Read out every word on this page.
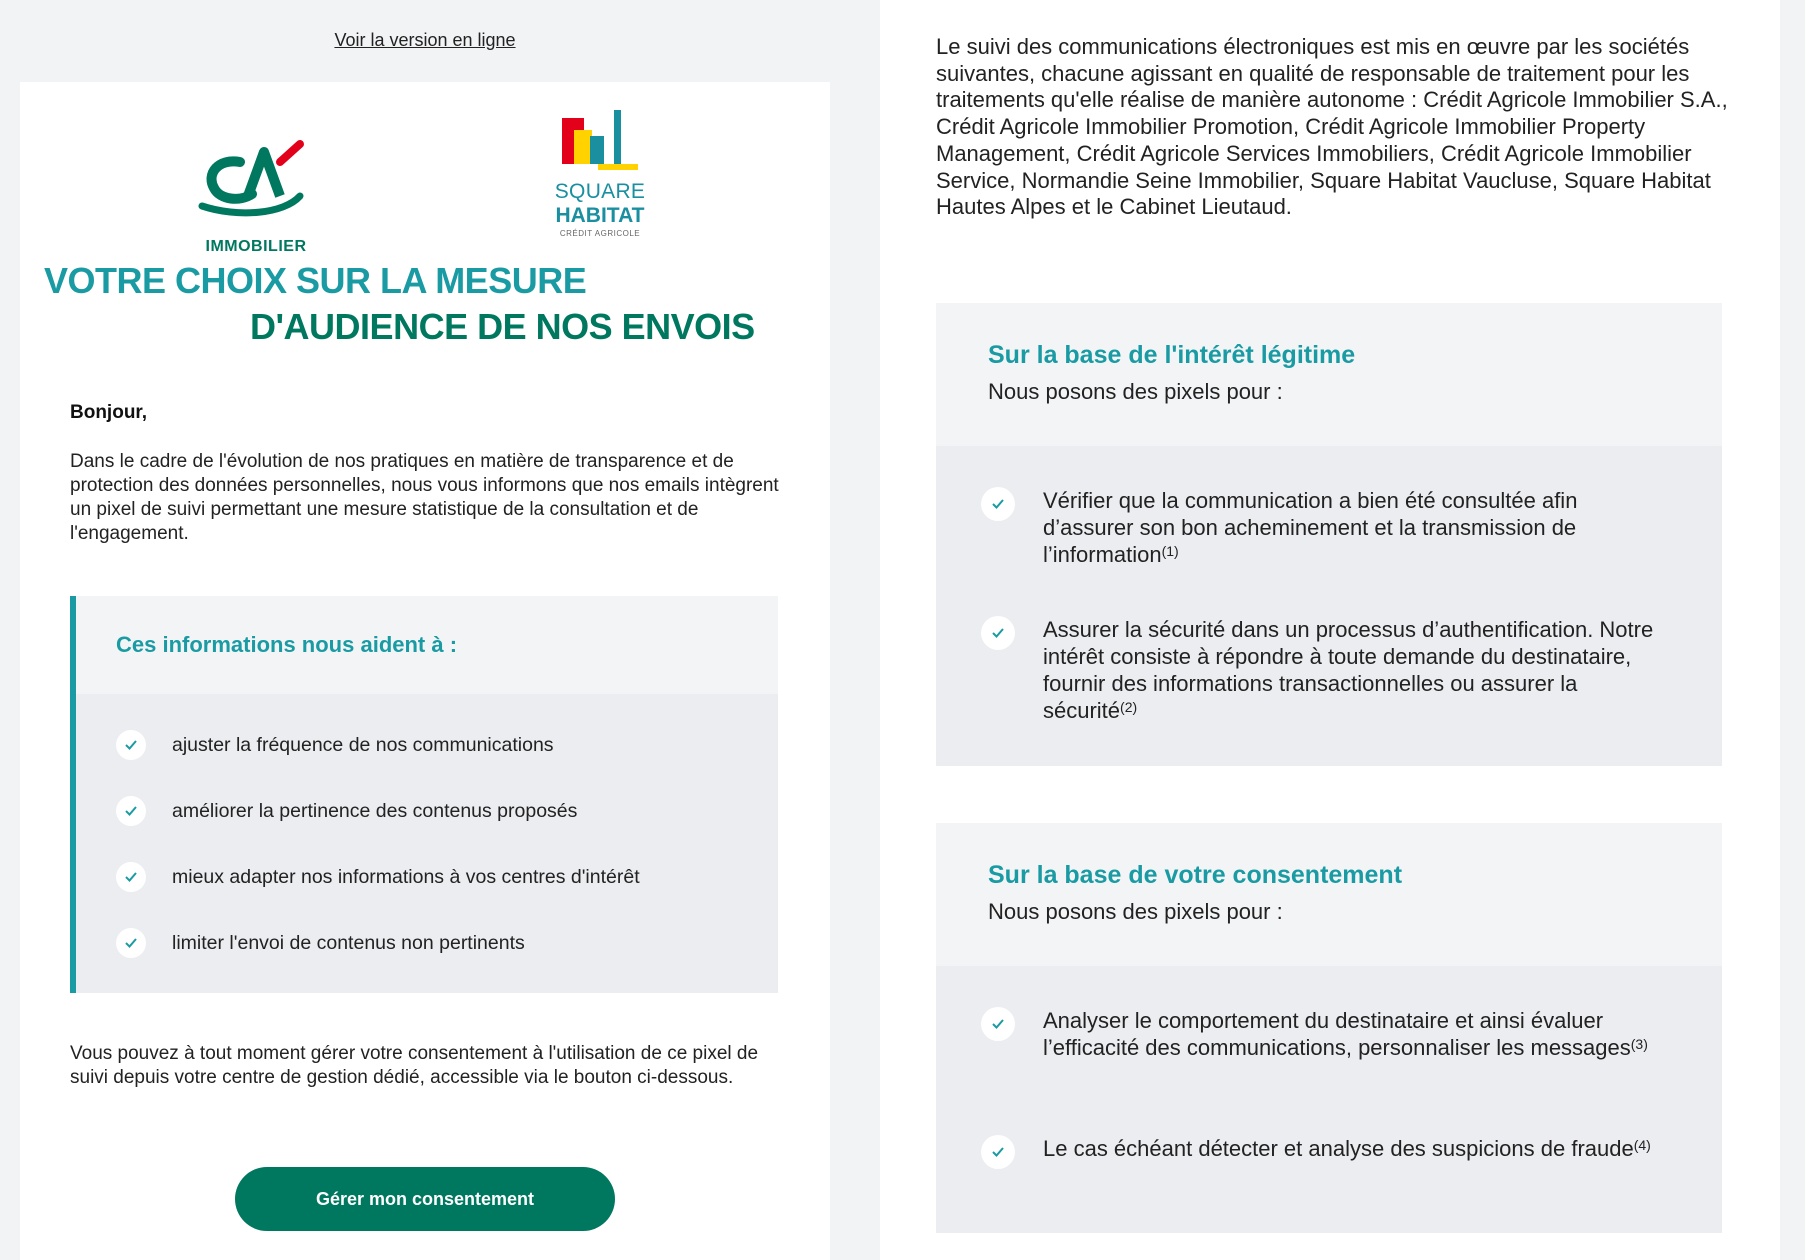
Voir la version en ligne
IMMOBILIER
SQUARE
HABITAT
CRÉDIT AGRICOLE
VOTRE CHOIX SUR LA MESURE
D'AUDIENCE DE NOS ENVOIS
Bonjour,
Dans le cadre de l'évolution de nos pratiques en matière de transparence et de protection des données personnelles, nous vous informons que nos emails intègrent un pixel de suivi permettant une mesure statistique de la consultation et de l'engagement.
Ces informations nous aident à :
ajuster la fréquence de nos communications
améliorer la pertinence des contenus proposés
mieux adapter nos informations à vos centres d'intérêt
limiter l'envoi de contenus non pertinents
Vous pouvez à tout moment gérer votre consentement à l'utilisation de ce pixel de suivi depuis votre centre de gestion dédié, accessible via le bouton ci-dessous.
Gérer mon consentement
Le suivi des communications électroniques est mis en œuvre par les sociétés suivantes, chacune agissant en qualité de responsable de traitement pour les traitements qu'elle réalise de manière autonome : Crédit Agricole Immobilier S.A., Crédit Agricole Immobilier Promotion, Crédit Agricole Immobilier Property Management, Crédit Agricole Services Immobiliers, Crédit Agricole Immobilier Service, Normandie Seine Immobilier, Square Habitat Vaucluse, Square Habitat Hautes Alpes et le Cabinet Lieutaud.
Sur la base de l'intérêt légitime
Nous posons des pixels pour :
Vérifier que la communication a bien été consultée afin d’assurer son bon acheminement et la transmission de l’information$^{(1)}$
Assurer la sécurité dans un processus d’authentification. Notre intérêt consiste à répondre à toute demande du destinataire, fournir des informations transactionnelles ou assurer la sécurité$^{(2)}$
Sur la base de votre consentement
Nous posons des pixels pour :
Analyser le comportement du destinataire et ainsi évaluer l’efficacité des communications, personnaliser les messages$^{(3)}$
Le cas échéant détecter et analyse des suspicions de fraude$^{(4)}$
